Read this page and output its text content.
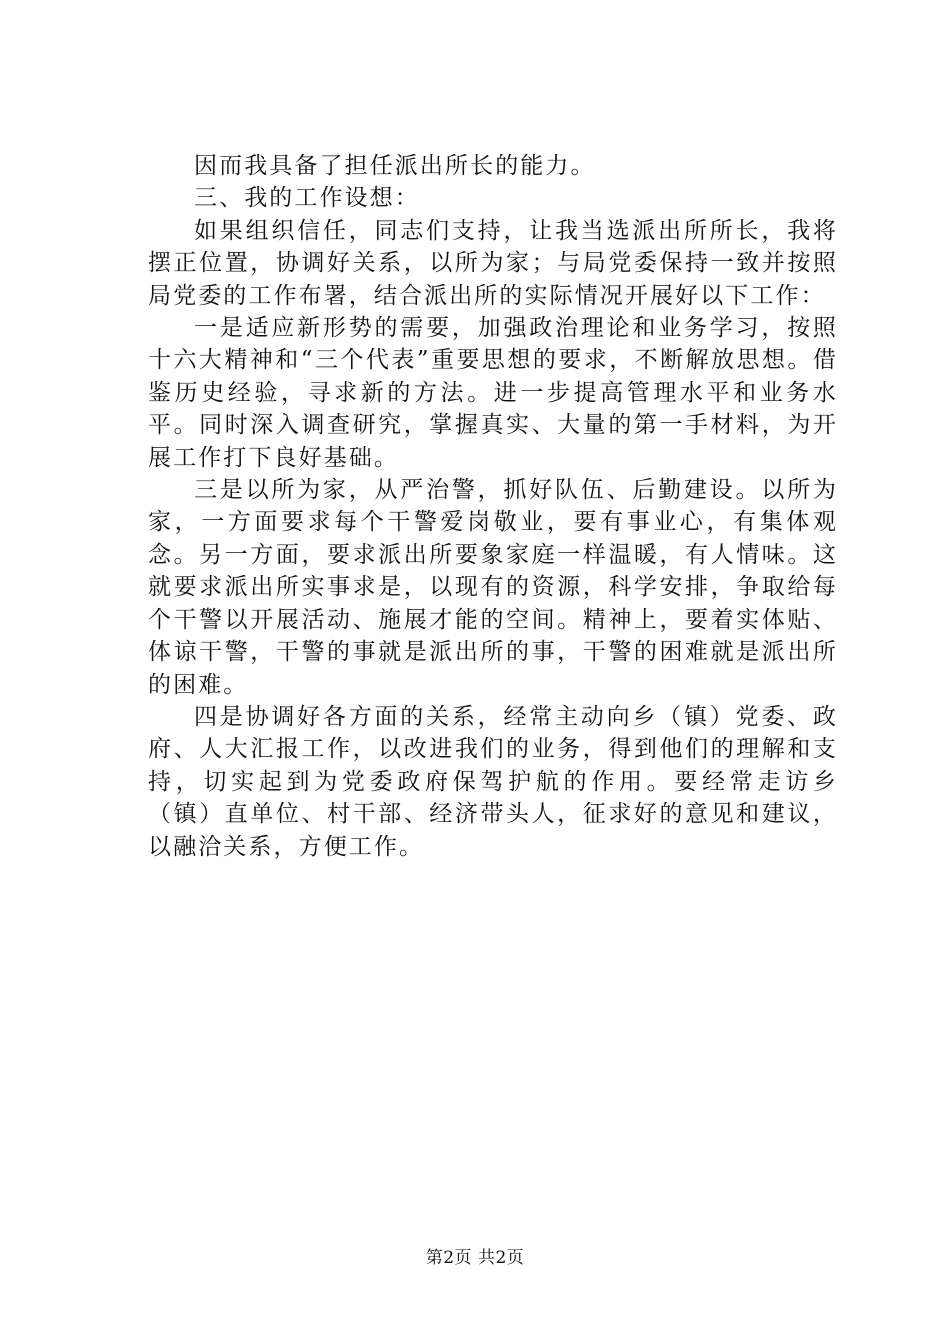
因而我具备了担任派出所长的能力。

三、我的工作设想：

如果组织信任，同志们支持，让我当选派出所所长，我将摆正位置，协调好关系，以所为家；与局党委保持一致并按照局党委的工作布署，结合派出所的实际情况开展好以下工作：

一是适应新形势的需要，加强政治理论和业务学习，按照十六大精神和“三个代表”重要思想的要求，不断解放思想。借鉴历史经验，寻求新的方法。进一步提高管理水平和业务水平。同时深入调查研究，掌握真实、大量的第一手材料，为开展工作打下良好基础。

三是以所为家，从严治警，抓好队伍、后勤建设。以所为家，一方面要求每个干警爱岗敬业，要有事业心，有集体观念。另一方面，要求派出所要象家庭一样温暖，有人情味。这就要求派出所实事求是，以现有的资源，科学安排，争取给每个干警以开展活动、施展才能的空间。精神上，要着实体贴、体谅干警，干警的事就是派出所的事，干警的困难就是派出所的困难。

四是协调好各方面的关系，经常主动向乡（镇）党委、政府、人大汇报工作，以改进我们的业务，得到他们的理解和支持，切实起到为党委政府保驾护航的作用。要经常走访乡（镇）直单位、村干部、经济带头人，征求好的意见和建议，以融洽关系，方便工作。

第2页 共2页
